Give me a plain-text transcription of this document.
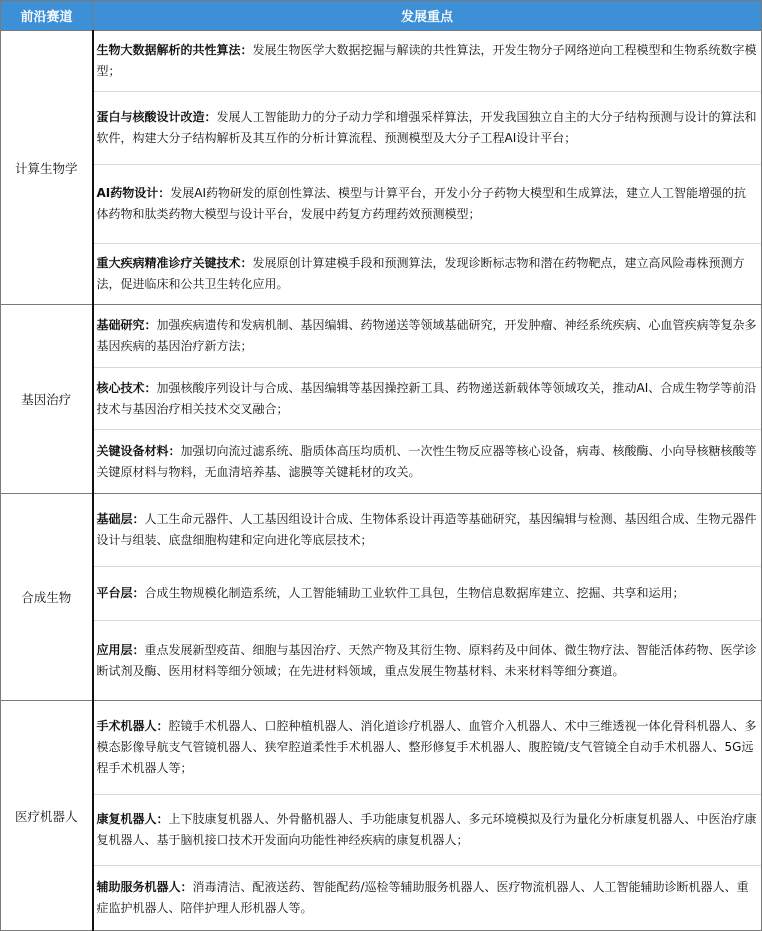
前沿赛道	发展重点
计算生物学	生物大数据解析的共性算法：发展生物医学大数据挖掘与解读的共性算法，开发生物分子网络逆向工程模型和生物系统数字模型；
蛋白与核酸设计改造：发展人工智能助力的分子动力学和增强采样算法，开发我国独立自主的大分子结构预测与设计的算法和软件，构建大分子结构解析及其互作的分析计算流程、预测模型及大分子工程AI设计平台；
AI药物设计：发展AI药物研发的原创性算法、模型与计算平台，开发小分子药物大模型和生成算法，建立人工智能增强的抗体药物和肽类药物大模型与设计平台，发展中药复方药理药效预测模型；
重大疾病精准诊疗关键技术：发展原创计算建模手段和预测算法，发现诊断标志物和潜在药物靶点，建立高风险毒株预测方法，促进临床和公共卫生转化应用。

基因治疗	基础研究：加强疾病遗传和发病机制、基因编辑、药物递送等领域基础研究，开发肿瘤、神经系统疾病、心血管疾病等复杂多基因疾病的基因治疗新方法；
核心技术：加强核酸序列设计与合成、基因编辑等基因操控新工具、药物递送新载体等领域攻关，推动AI、合成生物学等前沿技术与基因治疗相关技术交叉融合；
关键设备材料：加强切向流过滤系统、脂质体高压均质机、一次性生物反应器等核心设备，病毒、核酸酶、小向导核糖核酸等关键原材料与物料，无血清培养基、滤膜等关键耗材的攻关。

合成生物	基础层：人工生命元器件、人工基因组设计合成、生物体系设计再造等基础研究，基因编辑与检测、基因组合成、生物元器件设计与组装、底盘细胞构建和定向进化等底层技术；
平台层：合成生物规模化制造系统，人工智能辅助工业软件工具包，生物信息数据库建立、挖掘、共享和运用；
应用层：重点发展新型疫苗、细胞与基因治疗、天然产物及其衍生物、原料药及中间体、微生物疗法、智能活体药物、医学诊断试剂及酶、医用材料等细分领域；在先进材料领域，重点发展生物基材料、未来材料等细分赛道。

医疗机器人	手术机器人：腔镜手术机器人、口腔种植机器人、消化道诊疗机器人、血管介入机器人、术中三维透视一体化骨科机器人、多模态影像导航支气管镜机器人、狭窄腔道柔性手术机器人、整形修复手术机器人、腹腔镜/支气管镜全自动手术机器人、5G远程手术机器人等；
康复机器人：上下肢康复机器人、外骨骼机器人、手功能康复机器人、多元环境模拟及行为量化分析康复机器人、中医治疗康复机器人、基于脑机接口技术开发面向功能性神经疾病的康复机器人；
辅助服务机器人：消毒清洁、配液送药、智能配药/巡检等辅助服务机器人、医疗物流机器人、人工智能辅助诊断机器人、重症监护机器人、陪伴护理人形机器人等。
